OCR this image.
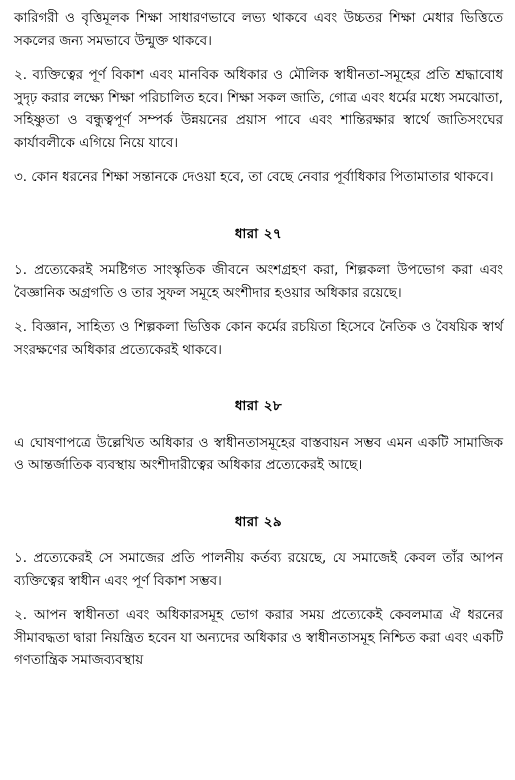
কারিগরী ও বৃত্তিমূলক শিক্ষা সাধারণভাবে লভ্য থাকবে এবং উচ্চতর শিক্ষা মেধার ভিত্তিতে সকলের জন্য সমভাবে উন্মুক্ত থাকবে।

২. ব্যক্তিত্বের পূর্ণ বিকাশ এবং মানবিক অধিকার ও মৌলিক স্বাধীনতা-সমূহের প্রতি শ্রদ্ধাবোধ সুদৃঢ় করার লক্ষ্যে শিক্ষা পরিচালিত হবে। শিক্ষা সকল জাতি, গোত্র এবং ধর্মের মধ্যে সমঝোতা, সহিষ্ণুতা ও বন্ধুত্বপূর্ণ সম্পর্ক উন্নয়নের প্রয়াস পাবে এবং শান্তিরক্ষার স্বার্থে জাতিসংঘের কার্যাবলীকে এগিয়ে নিয়ে যাবে।

৩. কোন ধরনের শিক্ষা সন্তানকে দেওয়া হবে, তা বেছে নেবার পূর্বাধিকার পিতামাতার থাকবে।

ধারা ২৭

১. প্রত্যেকেরই সমষ্টিগত সাংস্কৃতিক জীবনে অংশগ্রহণ করা, শিল্পকলা উপভোগ করা এবং বৈজ্ঞানিক অগ্রগতি ও তার সুফল সমূহে অংশীদার হওয়ার অধিকার রয়েছে।

২. বিজ্ঞান, সাহিত্য ও শিল্পকলা ভিত্তিক কোন কর্মের রচয়িতা হিসেবে নৈতিক ও বৈষয়িক স্বার্থ সংরক্ষণের অধিকার প্রত্যেকেরই থাকবে।

ধারা ২৮

এ ঘোষণাপত্রে উল্লেখিত অধিকার ও স্বাধীনতাসমূহের বাস্তবায়ন সম্ভব এমন একটি সামাজিক ও আন্তর্জাতিক ব্যবস্থায় অংশীদারীত্বের অধিকার প্রত্যেকেরই আছে।

ধারা ২৯

১. প্রত্যেকেরই সে সমাজের প্রতি পালনীয় কর্তব্য রয়েছে, যে সমাজেই কেবল তাঁর আপন ব্যক্তিত্বের স্বাধীন এবং পূর্ণ বিকাশ সম্ভব।

২. আপন স্বাধীনতা এবং অধিকারসমূহ ভোগ করার সময় প্রত্যেকেই কেবলমাত্র ঐ ধরনের সীমাবদ্ধতা দ্বারা নিয়ন্ত্রিত হবেন যা অন্যদের অধিকার ও স্বাধীনতাসমূহ নিশ্চিত করা এবং একটি গণতান্ত্রিক সমাজব্যবস্থায়
